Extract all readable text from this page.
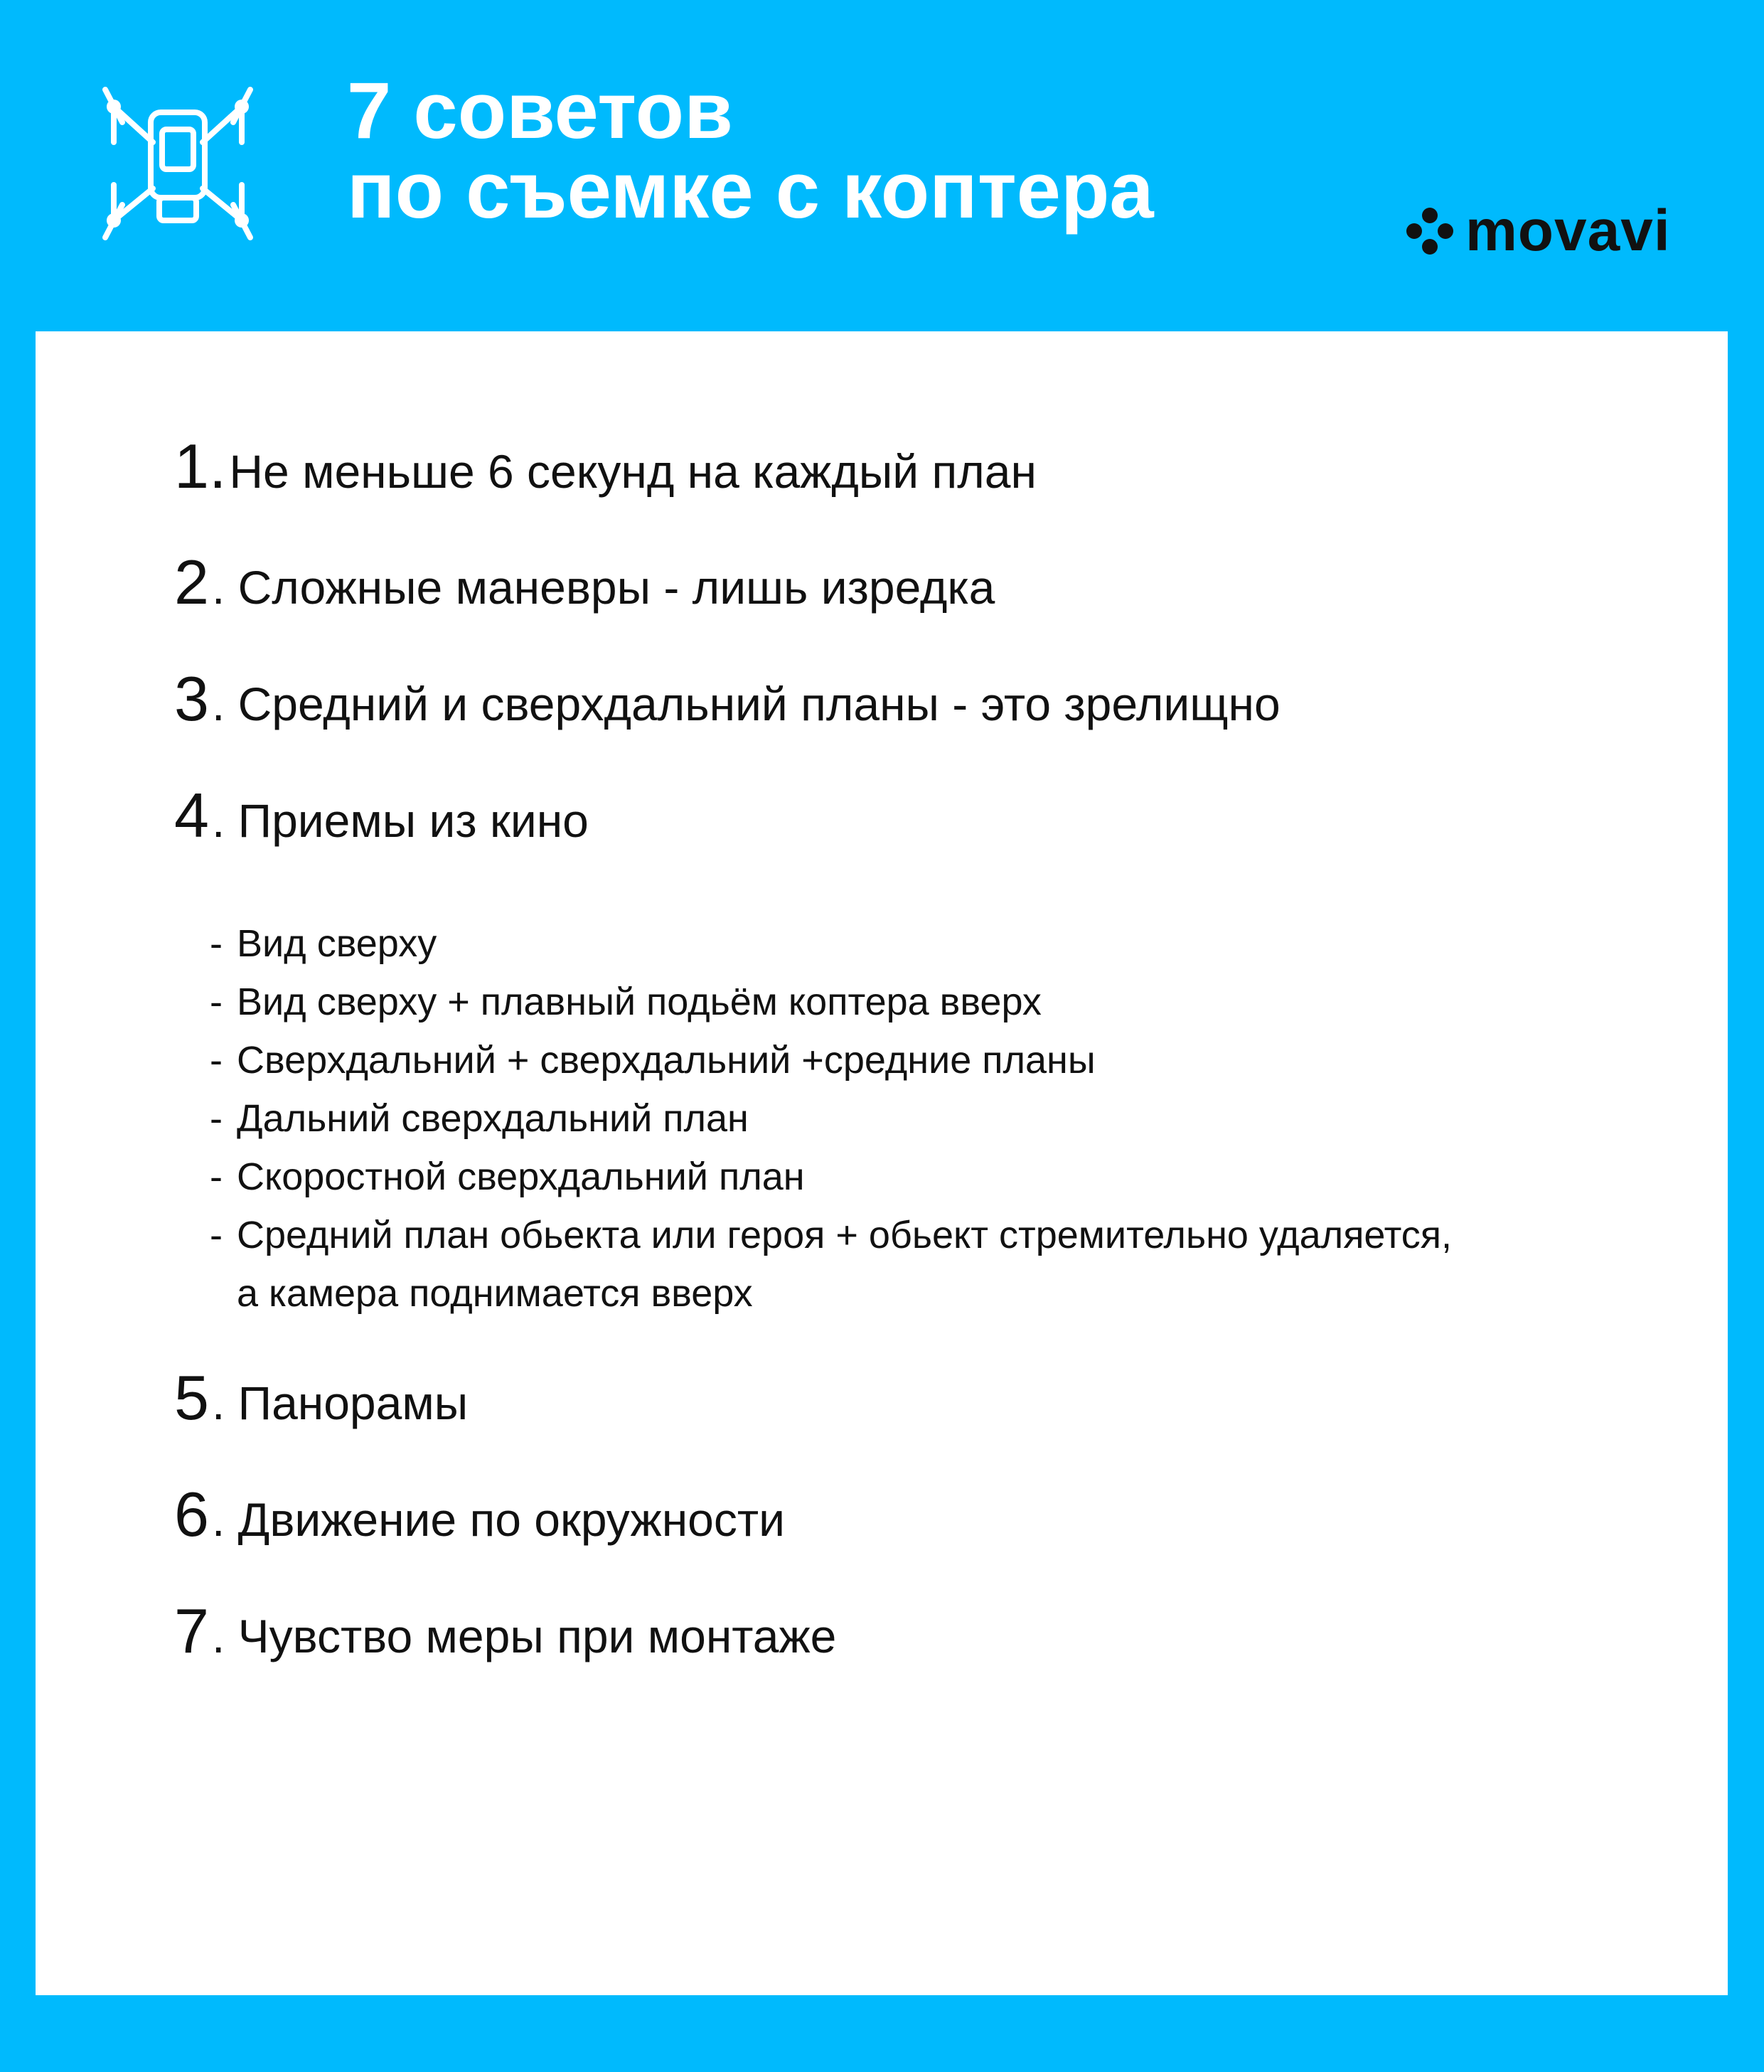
7 советов
по съемке с коптера	movavi
1.Не меньше 6 секунд на каждый план
2. Сложные маневры - лишь изредка
3. Средний и сверхдальний планы - это зрелищно
4. Приемы из кино
- Вид сверху
- Вид сверху + плавный подьём коптера вверх
- Сверхдальний + сверхдальний +средние планы
- Дальний сверхдальний план
- Скоростной сверхдальний план
- Средний план обьекта или героя + обьект стремительно удаляется,
а камера поднимается вверх
5. Панорамы
6. Движение по окружности
7. Чувство меры при монтаже
